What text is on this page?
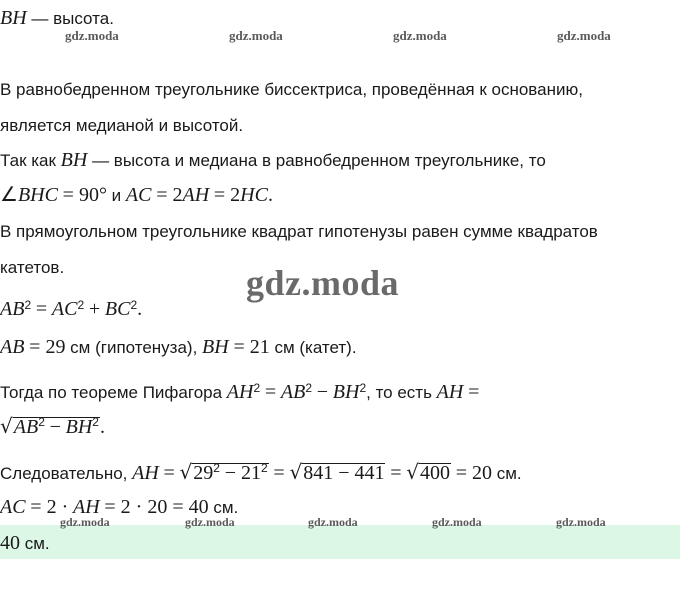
gdz.moda	gdz.moda	gdz.moda	gdz.moda
gdz.moda
BH — высота.
В равнобедренном треугольнике биссектриса, проведённая к основанию,
является медианой и высотой.
Так как BH — высота и медиана в равнобедренном треугольнике, то
∠BHC = 90° и AC = 2AH = 2HC.
В прямоугольном треугольнике квадрат гипотенузы равен сумме квадратов
катетов.
$AB^2 = AC^2 + BC^2$.
AB = 29 см (гипотенуза), BH = 21 см (катет).
Тогда по теореме Пифагора $AH^2 = AB^2 - BH^2$, то есть AH =
$√AB^2 - BH^2$.
Следовательно, AH = $√29^2 - 21^2 = √841 - 441 = √400 = 20$ см.
AC = 2 · AH = 2 · 20 = 40 см.
40 см.
gdz.moda	gdz.moda	gdz.moda	gdz.moda	gdz.moda
